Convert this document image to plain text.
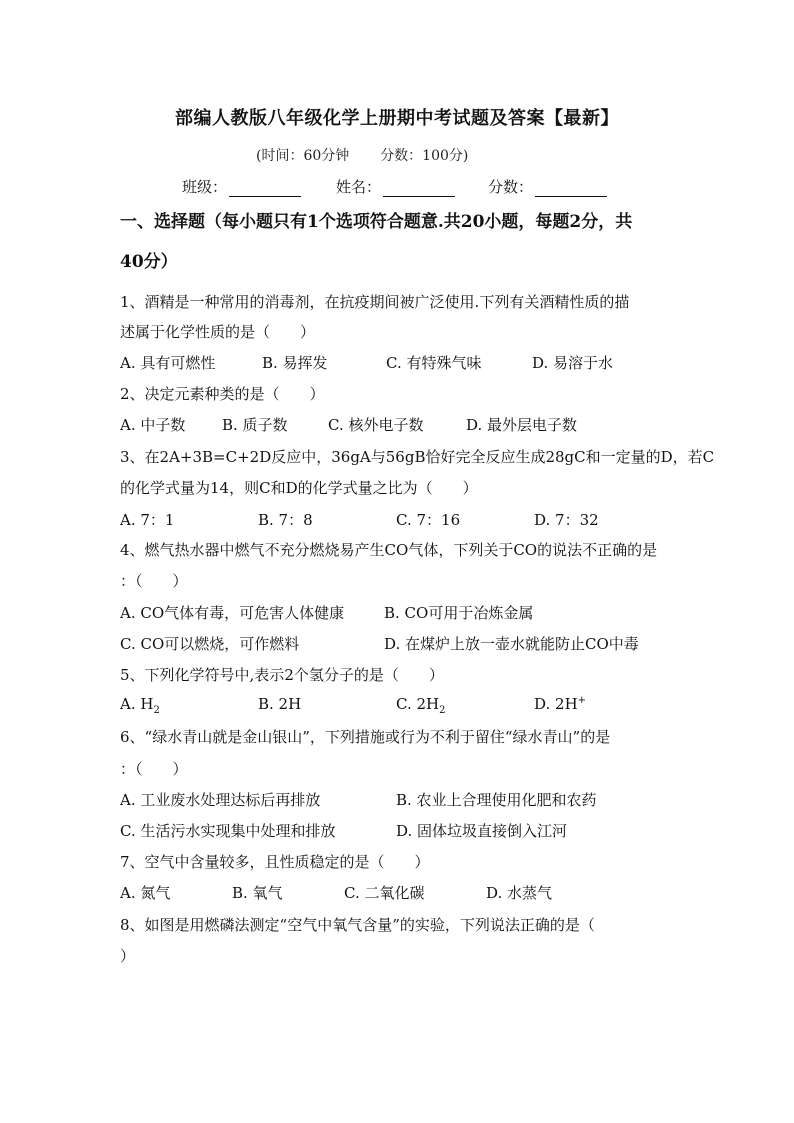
部编人教版八年级化学上册期中考试题及答案【最新】
(时间：60分钟 分数：100分)
班级：	姓名：	分数：
一、选择题（每小题只有1个选项符合题意.共20小题，每题2分，共
40分）
1、酒精是一种常用的消毒剂，在抗疫期间被广泛使用.下列有关酒精性质的描
述属于化学性质的是（　　）
A. 具有可燃性	B. 易挥发	C. 有特殊气味	D. 易溶于水
2、决定元素种类的是（　　）
A. 中子数 B. 质子数	C. 核外电子数	D. 最外层电子数
3、在2A+3B=C+2D反应中，36gA与56gB恰好完全反应生成28gC和一定量的D，若C
的化学式量为14，则C和D的化学式量之比为（　　）
A. 7：1	B. 7：8	C. 7：16	D. 7：32
4、燃气热水器中燃气不充分燃烧易产生CO气体，下列关于CO的说法不正确的是
：（　　）
A. CO气体有毒，可危害人体健康	B. CO可用于冶炼金属
C. CO可以燃烧，可作燃料	D. 在煤炉上放一壶水就能防止CO中毒
5、下列化学符号中,表示2个氢分子的是（　　）
A. $H_2$	B. 2H	C. $2H_2$	D. 2H+
6、“绿水青山就是金山银山”，下列措施或行为不利于留住“绿水青山”的是
：（　　）
A. 工业废水处理达标后再排放	B. 农业上合理使用化肥和农药
C. 生活污水实现集中处理和排放	D. 固体垃圾直接倒入江河
7、空气中含量较多，且性质稳定的是（　　）
A. 氮气	B. 氧气	C. 二氧化碳	D. 水蒸气
8、如图是用燃磷法测定“空气中氧气含量”的实验，下列说法正确的是（
）
